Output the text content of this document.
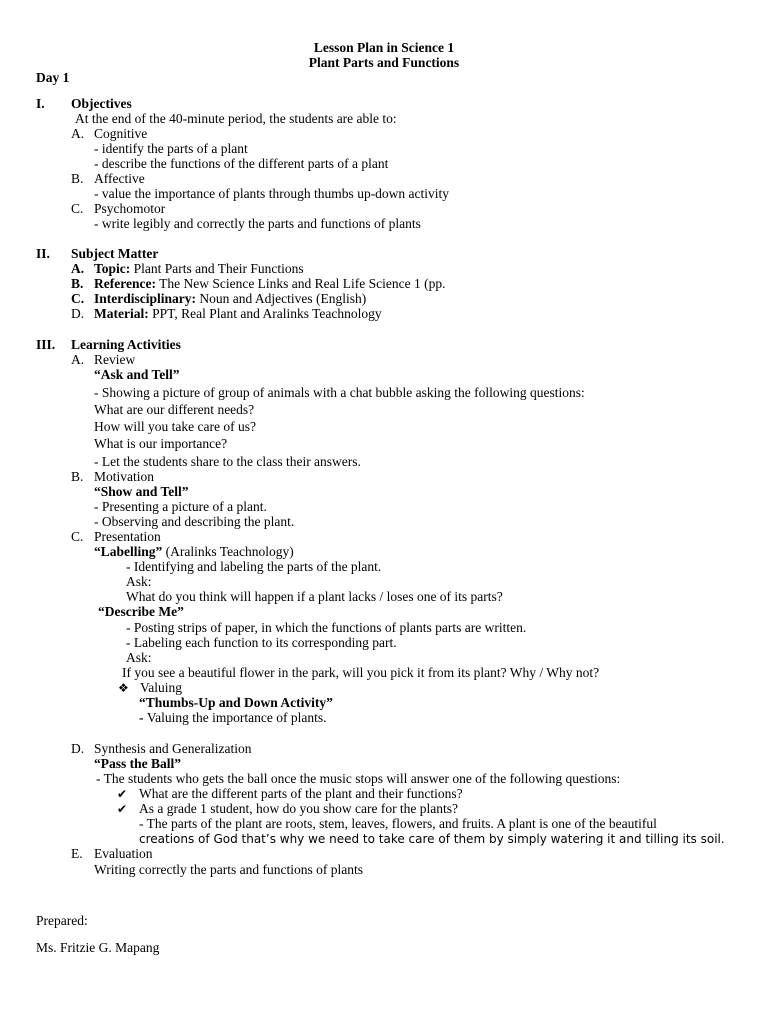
Lesson Plan in Science 1
Plant Parts and Functions
Day 1
I. Objectives
At the end of the 40-minute period, the students are able to:
A. Cognitive
- identify the parts of a plant
- describe the functions of the different parts of a plant
B. Affective
- value the importance of plants through thumbs up-down activity
C. Psychomotor
- write legibly and correctly the parts and functions of plants
II. Subject Matter
A. Topic: Plant Parts and Their Functions
B. Reference: The New Science Links and Real Life Science 1 (pp.
C. Interdisciplinary: Noun and Adjectives (English)
D. Material: PPT, Real Plant and Aralinks Teachnology
III. Learning Activities
A. Review
“Ask and Tell”
- Showing a picture of group of animals with a chat bubble asking the following questions:
What are our different needs?
How will you take care of us?
What is our importance?
- Let the students share to the class their answers.
B. Motivation
“Show and Tell”
- Presenting a picture of a plant.
- Observing and describing the plant.
C. Presentation
“Labelling” (Aralinks Teachnology)
- Identifying and labeling the parts of the plant.
Ask:
What do you think will happen if a plant lacks / loses one of its parts?
“Describe Me”
- Posting strips of paper, in which the functions of plants parts are written.
- Labeling each function to its corresponding part.
Ask:
If you see a beautiful flower in the park, will you pick it from its plant? Why / Why not?
❖ Valuing
“Thumbs-Up and Down Activity”
- Valuing the importance of plants.
D. Synthesis and Generalization
“Pass the Ball”
- The students who gets the ball once the music stops will answer one of the following questions:
✔ What are the different parts of the plant and their functions?
✔ As a grade 1 student, how do you show care for the plants?
- The parts of the plant are roots, stem, leaves, flowers, and fruits. A plant is one of the beautiful
creations of God that’s why we need to take care of them by simply watering it and tilling its soil.
E. Evaluation
Writing correctly the parts and functions of plants
Prepared:
Ms. Fritzie G. Mapang
